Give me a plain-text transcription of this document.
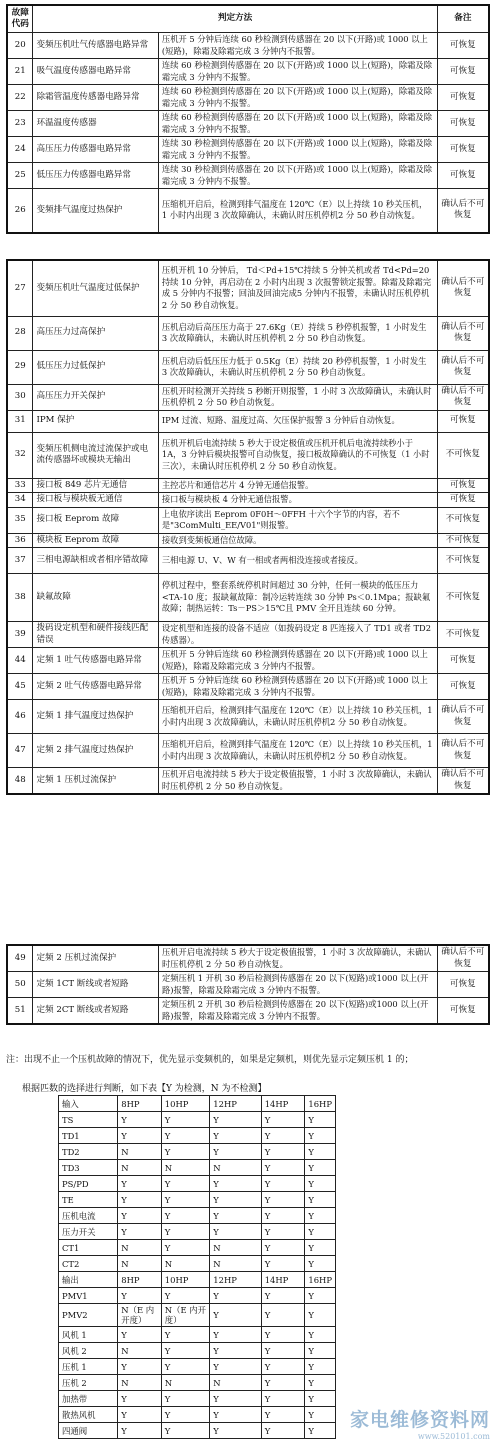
故障代码	判定方法		备注
20	变频压机吐气传感器电路异常	压机开 5 分钟后连续 60 秒检测到传感器在 20 以下(开路)或 1000 以上(短路)，除霜及除霜完成 3 分钟内不报警。	可恢复
21	吸气温度传感器电路异常	连续 60 秒检测到传感器在 20 以下(开路)或 1000 以上(短路)，除霜及除霜完成 3 分钟内不报警。	可恢复
22	除霜管温度传感器电路异常	连续 60 秒检测到传感器在 20 以下(开路)或 1000 以上(短路)，除霜及除霜完成 3 分钟内不报警。	可恢复
23	环温温度传感器	连续 60 秒检测到传感器在 20 以下(开路)或 1000 以上(短路)，除霜及除霜完成 3 分钟内不报警。	可恢复
24	高压压力传感器电路异常	连续 30 秒检测到传感器在 20 以下(开路)或 1000 以上(短路)，除霜及除霜完成 3 分钟内不报警。	可恢复
25	低压压力传感器电路异常	连续 30 秒检测到传感器在 20 以下(开路)或 1000 以上(短路)，除霜及除霜完成 3 分钟内不报警。	可恢复
26	变频排气温度过热保护	压缩机开启后，检测到排气温度在 120℃（E）以上持续 10 秒关压机， 1 小时内出现 3 次故障确认，未确认时压机停机2 分 50 秒自动恢复。	确认后不可恢复
27	变频压机吐气温度过低保护	压机开机 10 分钟后， Td＜Pd+15℃持续 5 分钟关机或者 Td<Pd=20 持续 10 分钟，再启动在 2 小时内出现 3 次报警锁定报警。除霜及除霜完成 5 分钟内不报警；回油及回油完成5 分钟内不报警，未确认时压机停机 2 分 50 秒自动恢复。	确认后不可恢复
28	高压压力过高保护	压机启动后高压压力高于 27.6Kg（E）持续 5 秒停机报警，1 小时发生 3 次故障确认，未确认时压机停机 2 分 50 秒自动恢复。	确认后不可恢复
29	低压压力过低保护	压机启动后低压压力低于 0.5Kg（E）持续 20 秒停机报警，1 小时发生 3 次故障确认，未确认时压机停机 2 分 50 秒自动恢复。	确认后不可恢复
30	高压压力开关保护	压机开时检测开关持续 5 秒断开则报警，1 小时 3 次故障确认，未确认时压机停机 2 分 50 秒自动恢复。	确认后不可恢复
31	IPM 保护	IPM 过流、短路、温度过高、欠压保护报警 3 分钟后自动恢复。	可恢复
32	变频压机侧电流过流保护或电流传感器坏或模块无输出	压机开机后电流持续 5 秒大于设定极值或压机开机后电流持续秒小于 1A，3 分钟后模块报警可自动恢复，接口板故障确认的不可恢复（1 小时三次），未确认时压机停机 2 分 50 秒自动恢复。	不可恢复
33	接口板 849 芯片无通信	主控芯片和通信芯片 4 分钟无通信报警。	可恢复
34	接口板与模块板无通信	接口板与模块板 4 分钟无通信报警。	可恢复
35	接口板 Eeprom 故障	上电依序读出 Eeprom 0F0H～0FFH 十六个字节的内容，若不是"3ComMulti_EE/V01"则报警。	不可恢复
36	模块板 Eeprom 故障	接收到变频板通信位故障。	不可恢复
37	三相电源缺相或者相序错故障	三相电源 U、V、W 有一相或者两相没连接或者接反。	不可恢复
38	缺氟故障	停机过程中，整套系统停机时间超过 30 分钟，任何一模块的低压压力<TA-10 度；报缺氟故障：制冷运转连续 30 分钟 Ps＜0.1Mpa；报缺氟故障；制热运转：Ts－PS＞15℃且 PMV 全开且连续 60 分钟。	不可恢复
39	拨码设定机型和硬件接线匹配错误	设定机型和连接的设备不适应（如拨码设定 8 匹连接入了 TD1 或者 TD2 传感器）。	不可恢复
44	定频 1 吐气传感器电路异常	压机开 5 分钟后连续 60 秒检测到传感器在 20 以下(开路)或 1000 以上(短路)，除霜及除霜完成 3 分钟内不报警。	可恢复
45	定频 2 吐气传感器电路异常	压机开 5 分钟后连续 60 秒检测到传感器在 20 以下(开路)或 1000 以上(短路)，除霜及除霜完成 3 分钟内不报警。	可恢复
46	定频 1 排气温度过热保护	压缩机开启后，检测到排气温度在 120℃（E）以上持续 10 秒关压机，1 小时内出现 3 次故障确认，未确认时压机停机2 分 50 秒自动恢复。	确认后不可恢复
47	定频 2 排气温度过热保护	压缩机开启后，检测到排气温度在 120℃（E）以上持续 10 秒关压机，1 小时内出现 3 次故障确认，未确认时压机停机2 分 50 秒自动恢复。	确认后不可恢复
48	定频 1 压机过流保护	压机开启电流持续 5 秒大于设定极值报警，1 小时 3 次故障确认，未确认时压机停机 2 分 50 秒自动恢复。	确认后不可恢复
49	定频 2 压机过流保护	压机开启电流持续 5 秒大于设定极值报警，1 小时 3 次故障确认，未确认时压机停机 2 分 50 秒自动恢复。	确认后不可恢复
50	定频 1CT 断线或者短路	定频压机 1 开机 30 秒后检测到传感器在 20 以下(短路)或1000 以上(开路)报警，除霜及除霜完成 3 分钟内不报警。	可恢复
51	定频 2CT 断线或者短路	定频压机 2 开机 30 秒后检测到传感器在 20 以下(短路)或1000 以上(开路)报警，除霜及除霜完成 3 分钟内不报警。	可恢复
注：出现不止一个压机故障的情况下，优先显示变频机的，如果是定频机，则优先显示定频压机 1 的；
根据匹数的选择进行判断，如下表【Y 为检测，N 为不检测】
输入	8HP	10HP	12HP	14HP	16HP
TS	Y	Y	Y	Y	Y
TD1	Y	Y	Y	Y	Y
TD2	N	Y	Y	Y	Y
TD3	N	N	N	Y	Y
PS/PD	Y	Y	Y	Y	Y
TE	Y	Y	Y	Y	Y
压机电流	Y	Y	Y	Y	Y
压力开关	Y	Y	Y	Y	Y
CT1	N	Y	N	Y	Y
CT2	N	N	N	Y	Y
输出	8HP	10HP	12HP	14HP	16HP
PMV1	Y	Y	Y	Y	Y
PMV2	N（E 内开度）	N（E 内开度）	Y	Y	Y
风机 1	Y	Y	Y	Y	Y
风机 2	N	Y	Y	Y	Y
压机 1	Y	Y	Y	Y	Y
压机 2	N	N	N	Y	Y
加热带	Y	Y	Y	Y	Y
散热风机	Y	Y	Y	Y	Y
四通阀	Y	Y	Y	Y	Y	家电维修资料网
www.520101.com
